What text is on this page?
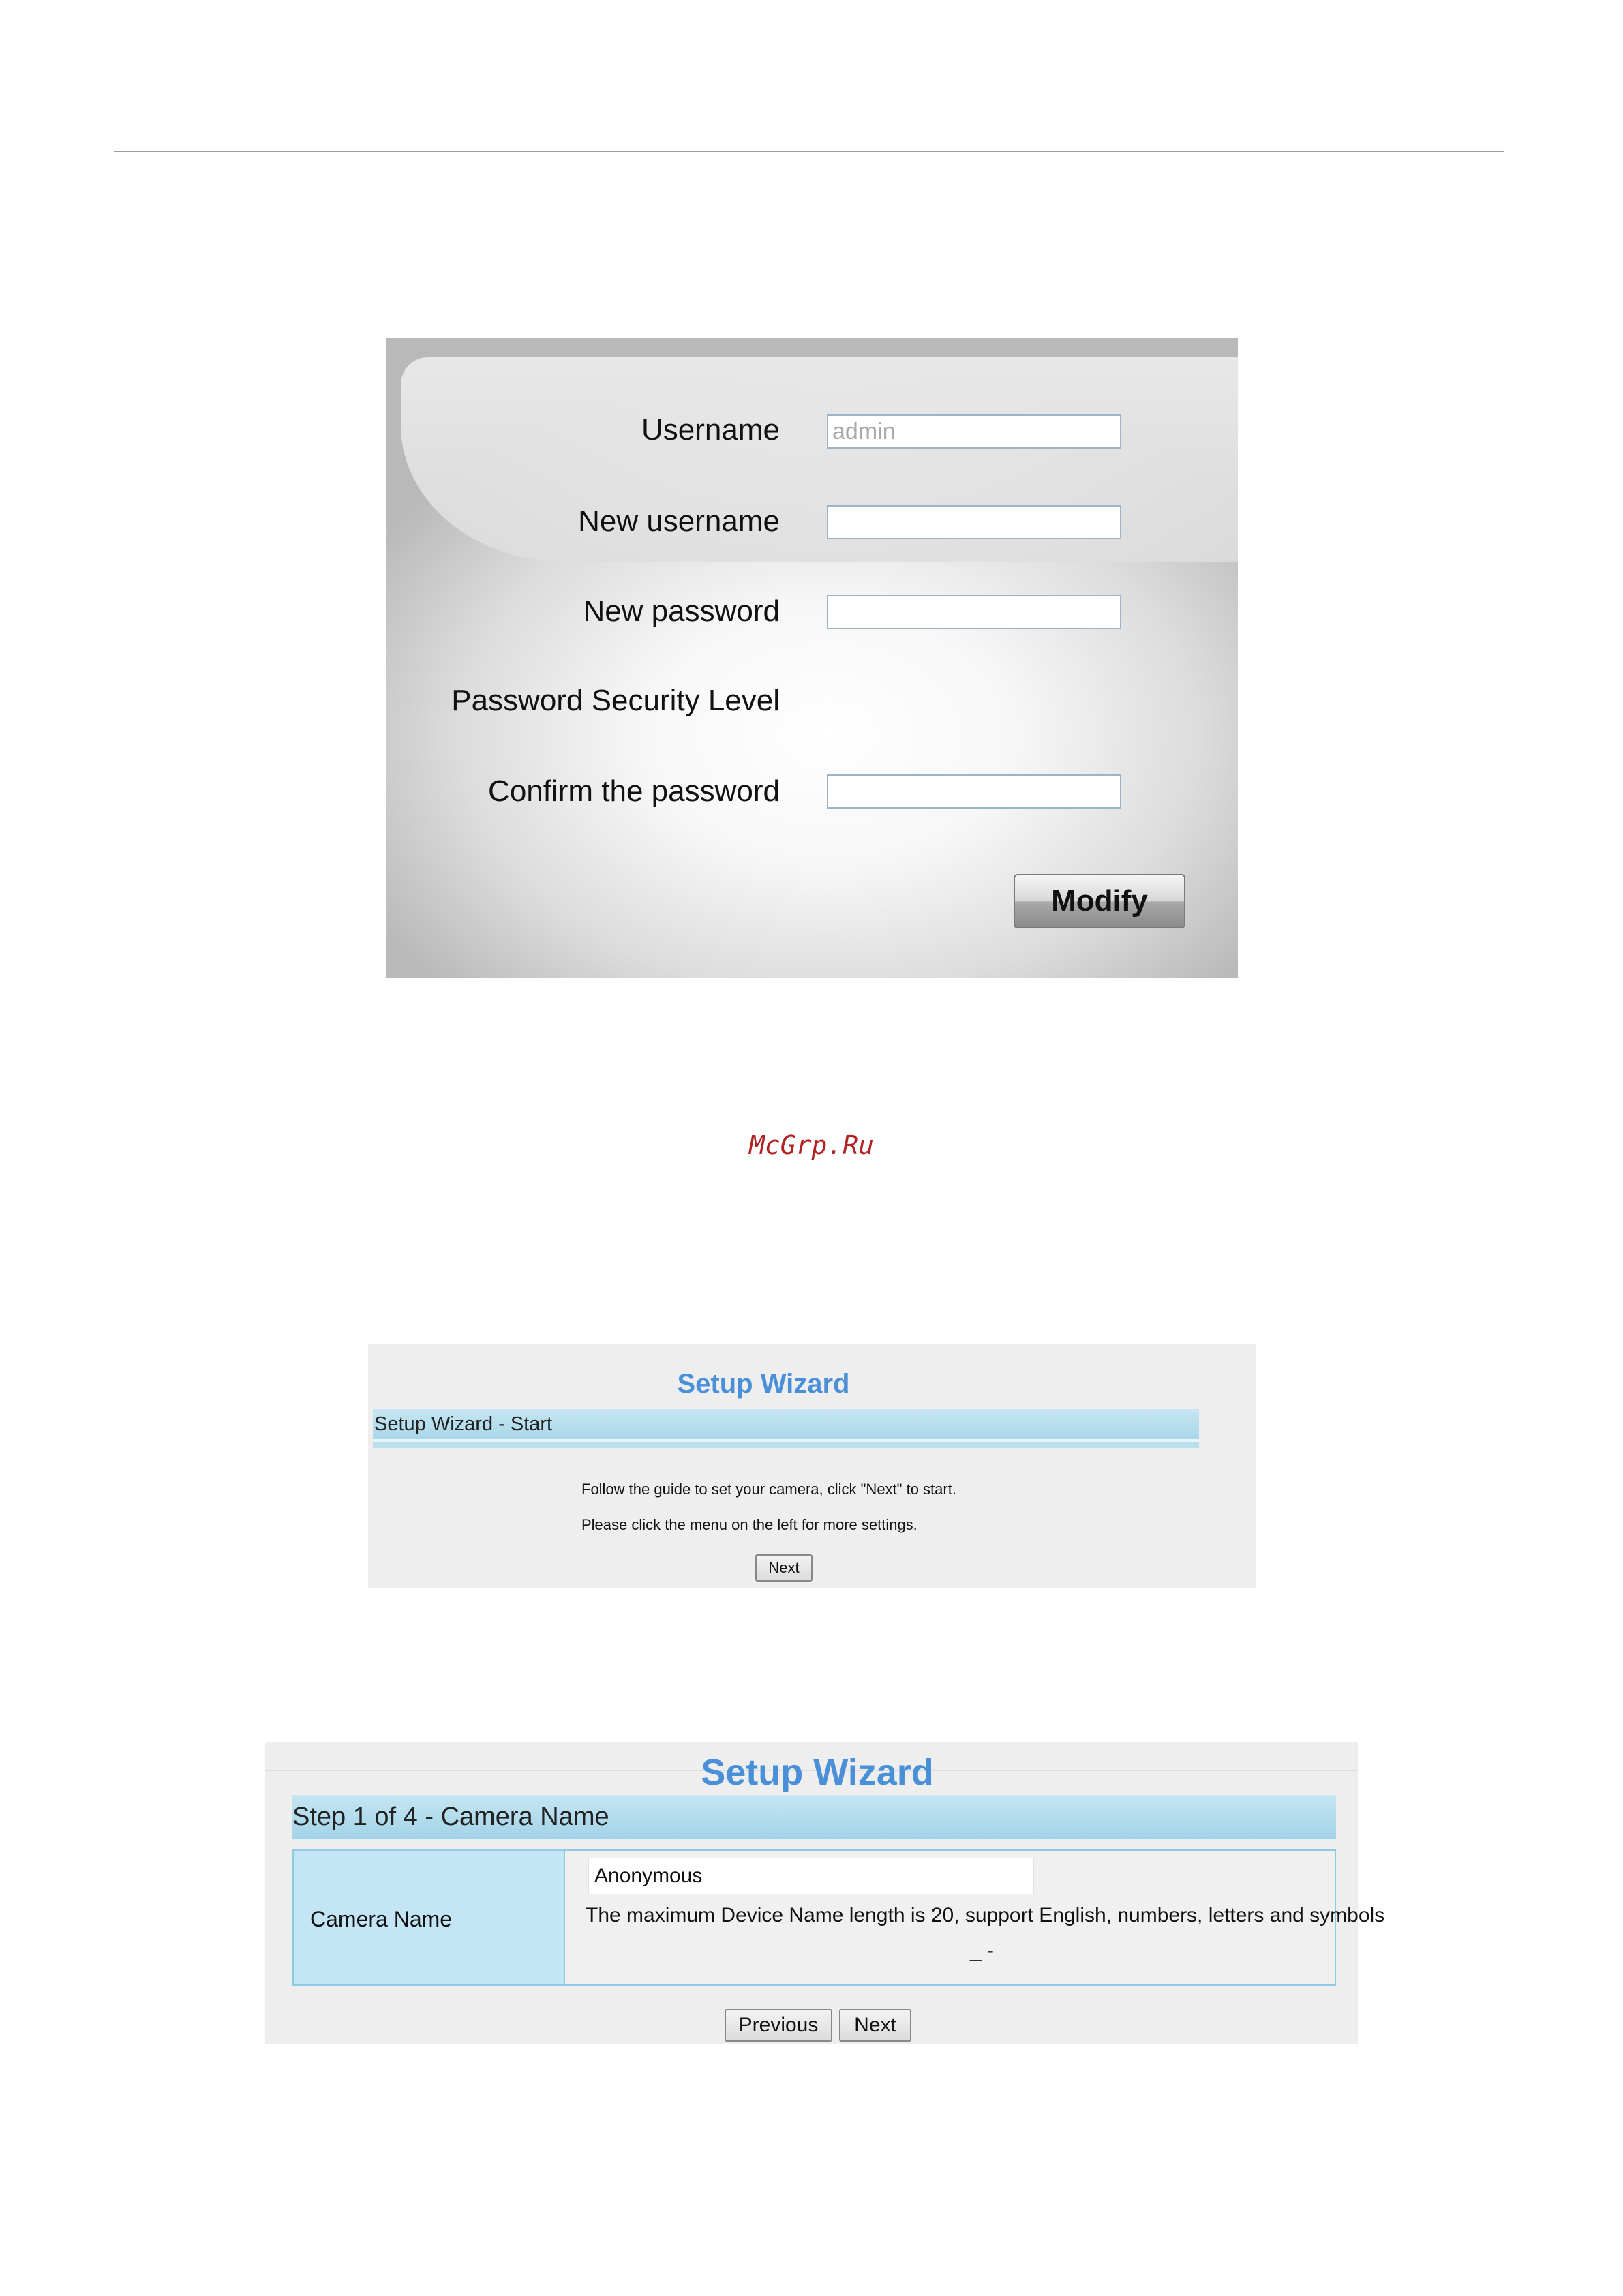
Username
admin
New username
New password
Password Security Level
Confirm the password
Modify
McGrp.Ru
Setup Wizard
Setup Wizard - Start
Follow the guide to set your camera, click "Next" to start.
Please click the menu on the left for more settings.
Next
Setup Wizard
Step 1 of 4 - Camera Name
Camera Name
Anonymous	The maximum Device Name length is 20, support English, numbers, letters and symbols
_ -
Previous	Next
